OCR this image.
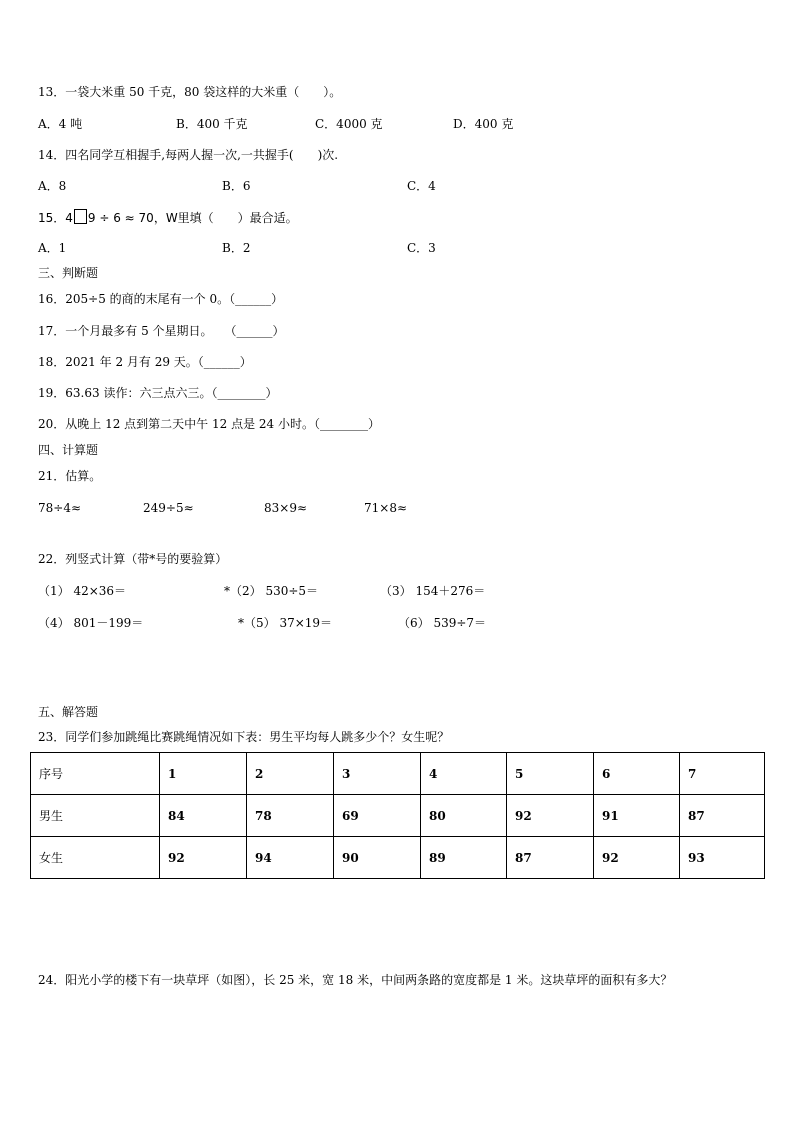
13．一袋大米重 50 千克，80 袋这样的大米重（　　）。
A．4 吨	B．400 千克	C．4000 克	D．400 克
14．四名同学互相握手,每两人握一次,一共握手(　　)次.
A．8	B．6	C．4
15．4 9 ÷ 6 ≈ 70，W里填（　　）最合适。
A．1	B．2	C．3
三、判断题
16．205÷5 的商的末尾有一个 0。（______）
17．一个月最多有 5 个星期日。　　（______）
18．2021 年 2 月有 29 天。（______）
19．63.63 读作：六三点六三。（________）
20．从晚上 12 点到第二天中午 12 点是 24 小时。（________）
四、计算题
21．估算。
78÷4≈	249÷5≈	83×9≈	71×8≈
22．列竖式计算（带*号的要验算）
（1） 42×36＝	*（2） 530÷5＝	（3） 154＋276＝
（4） 801－199＝	*（5） 37×19＝	（6） 539÷7＝
五、解答题
23．同学们参加跳绳比赛跳绳情况如下表：男生平均每人跳多少个？女生呢？
序号	1	2	3	4	5	6	7
男生	84	78	69	80	92	91	87
女生	92	94	90	89	87	92	93
24．阳光小学的楼下有一块草坪（如图），长 25 米，宽 18 米，中间两条路的宽度都是 1 米。这块草坪的面积有多大？
